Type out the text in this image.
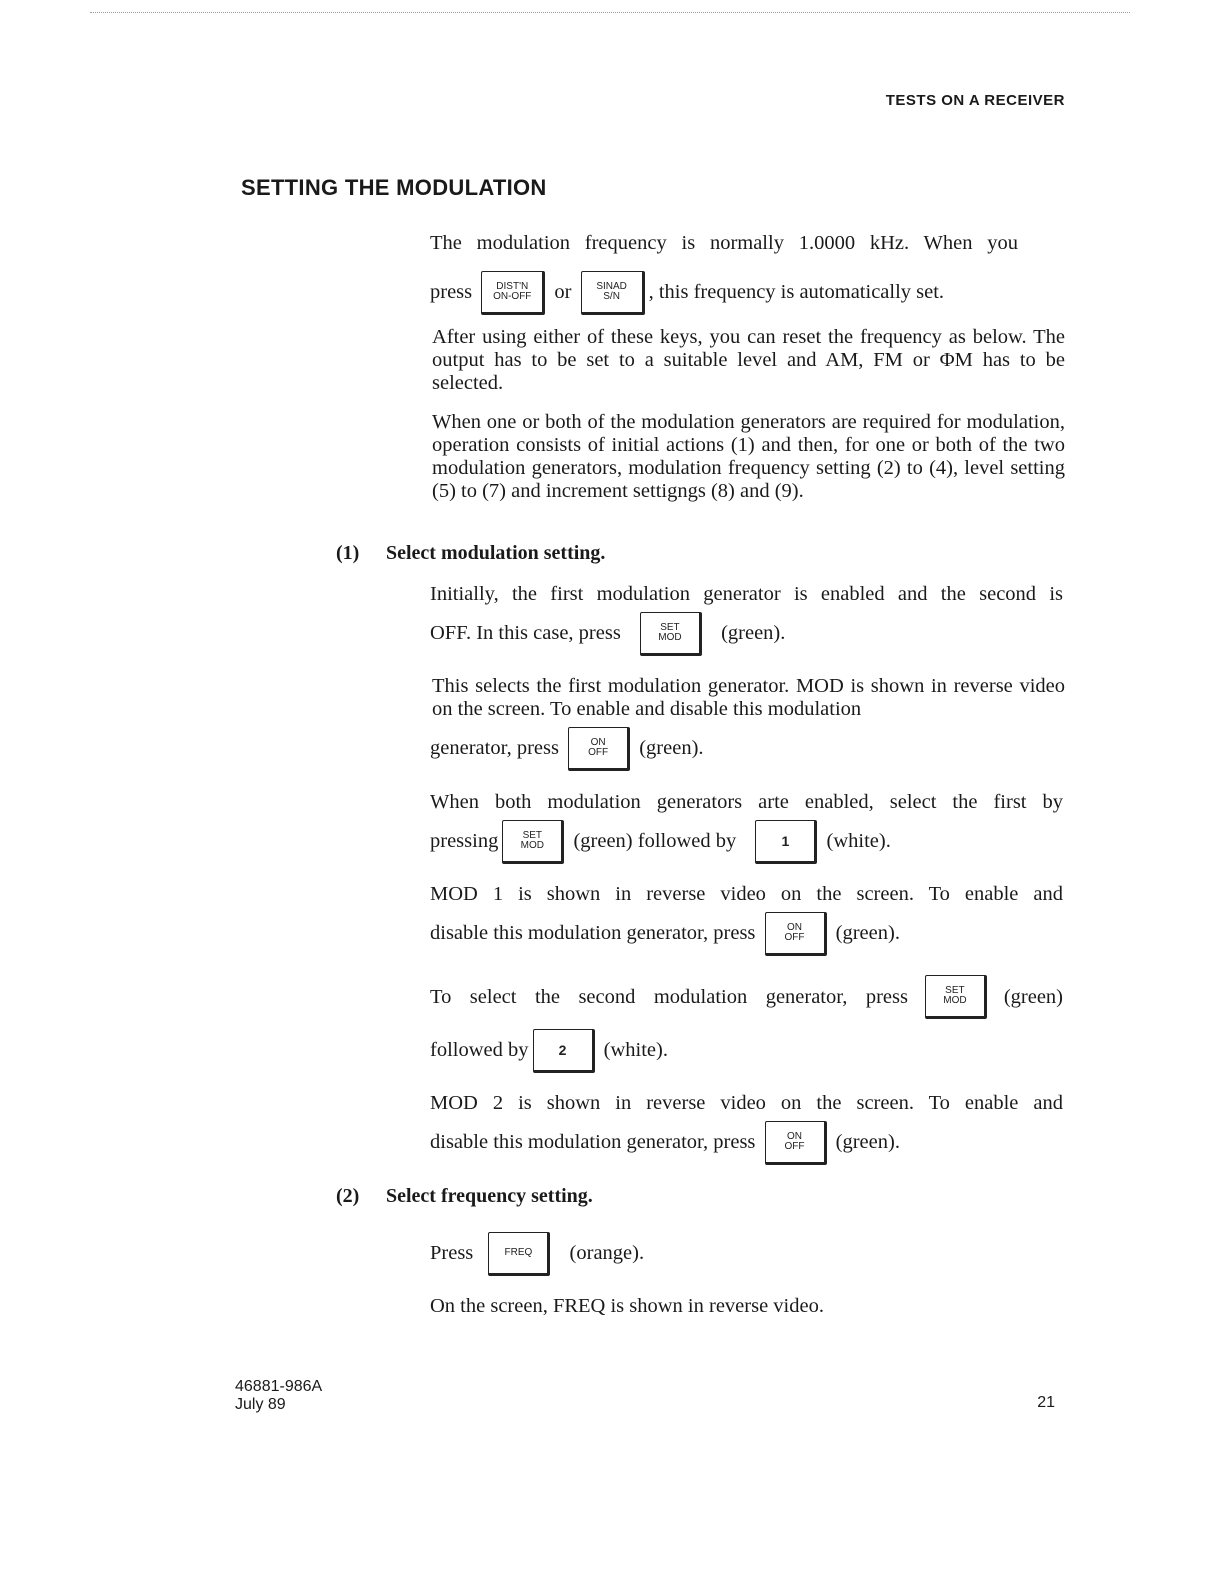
TESTS ON A RECEIVER
SETTING THE MODULATION

The modulation frequency is normally 1.0000 kHz. When you

press	DIST'N
ON-OFF	or	SINAD
S/N	, this frequency is automatically set.

After using either of these keys, you can reset the frequency as below. The output has to be set to a suitable level and AM, FM or ΦM has to be selected.

When one or both of the modulation generators are required for modulation, operation consists of initial actions (1) and then, for one or both of the two modulation generators, modulation frequency setting (2) to (4), level setting (5) to (7) and increment settigngs (8) and (9).

(1) Select modulation setting.

Initially, the first modulation generator is enabled and the second is

OFF. In this case, press	SET
MOD	(green).

This selects the first modulation generator. MOD is shown in reverse video on the screen. To enable and disable this modulation

generator, press	ON
OFF	(green).

When both modulation generators arte enabled, select the first by

pressing	SET
MOD	(green) followed by	1	(white).

MOD 1 is shown in reverse video on the screen. To enable and

disable this modulation generator, press	ON
OFF	(green).

To select the second modulation generator, press	SET
MOD	(green)

followed by	2	(white).

MOD 2 is shown in reverse video on the screen. To enable and

disable this modulation generator, press	ON
OFF	(green).

(2) Select frequency setting.

Press	FREQ	(orange).

On the screen, FREQ is shown in reverse video.

46881-986A
July 89	21
